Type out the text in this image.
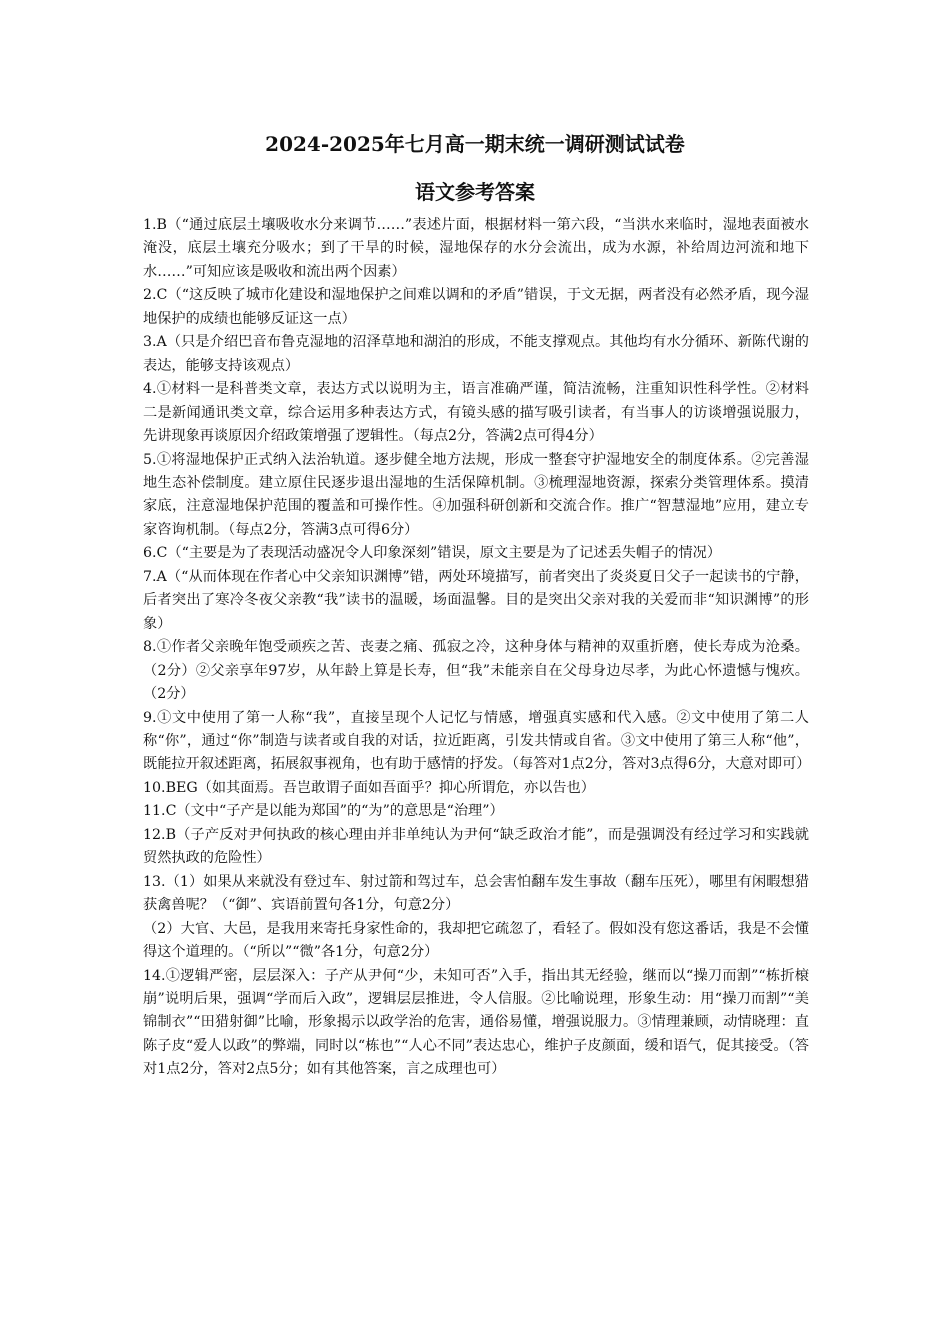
2024-2025年七月高一期末统一调研测试试卷
语文参考答案

1.B（“通过底层土壤吸收水分来调节……”表述片面，根据材料一第六段，“当洪水来临时，湿地表面被水淹没，底层土壤充分吸水；到了干旱的时候，湿地保存的水分会流出，成为水源，补给周边河流和地下水……”可知应该是吸收和流出两个因素）

2.C（“这反映了城市化建设和湿地保护之间难以调和的矛盾”错误，于文无据，两者没有必然矛盾，现今湿地保护的成绩也能够反证这一点）

3.A（只是介绍巴音布鲁克湿地的沼泽草地和湖泊的形成，不能支撑观点。其他均有水分循环、新陈代谢的表达，能够支持该观点）

4.①材料一是科普类文章，表达方式以说明为主，语言准确严谨，简洁流畅，注重知识性科学性。②材料二是新闻通讯类文章，综合运用多种表达方式，有镜头感的描写吸引读者，有当事人的访谈增强说服力，先讲现象再谈原因介绍政策增强了逻辑性。（每点2分，答满2点可得4分）

5.①将湿地保护正式纳入法治轨道。逐步健全地方法规，形成一整套守护湿地安全的制度体系。②完善湿地生态补偿制度。建立原住民逐步退出湿地的生活保障机制。③梳理湿地资源，探索分类管理体系。摸清家底，注意湿地保护范围的覆盖和可操作性。④加强科研创新和交流合作。推广“智慧湿地”应用，建立专家咨询机制。（每点2分，答满3点可得6分）

6.C（“主要是为了表现活动盛况令人印象深刻”错误，原文主要是为了记述丢失帽子的情况）

7.A（“从而体现在作者心中父亲知识渊博”错，两处环境描写，前者突出了炎炎夏日父子一起读书的宁静，后者突出了寒冷冬夜父亲教“我”读书的温暖，场面温馨。目的是突出父亲对我的关爱而非“知识渊博”的形象）

8.①作者父亲晚年饱受顽疾之苦、丧妻之痛、孤寂之冷，这种身体与精神的双重折磨，使长寿成为沧桑。（2分）②父亲享年97岁，从年龄上算是长寿，但“我”未能亲自在父母身边尽孝，为此心怀遗憾与愧疚。（2分）

9.①文中使用了第一人称“我”，直接呈现个人记忆与情感，增强真实感和代入感。②文中使用了第二人称“你”，通过“你”制造与读者或自我的对话，拉近距离，引发共情或自省。③文中使用了第三人称“他”，既能拉开叙述距离，拓展叙事视角，也有助于感情的抒发。（每答对1点2分，答对3点得6分，大意对即可）

10.BEG（如其面焉。吾岂敢谓子面如吾面乎？抑心所谓危，亦以告也）

11.C（文中“子产是以能为郑国”的“为”的意思是“治理”）

12.B（子产反对尹何执政的核心理由并非单纯认为尹何“缺乏政治才能”，而是强调没有经过学习和实践就贸然执政的危险性）

13.（1）如果从来就没有登过车、射过箭和驾过车，总会害怕翻车发生事故（翻车压死），哪里有闲暇想猎获禽兽呢？（“御”、宾语前置句各1分，句意2分）

（2）大官、大邑，是我用来寄托身家性命的，我却把它疏忽了，看轻了。假如没有您这番话，我是不会懂得这个道理的。（“所以”“微”各1分，句意2分）

14.①逻辑严密，层层深入：子产从尹何“少，未知可否”入手，指出其无经验，继而以“操刀而割”“栋折榱崩”说明后果，强调“学而后入政”，逻辑层层推进，令人信服。②比喻说理，形象生动：用“操刀而割”“美锦制衣”“田猎射御”比喻，形象揭示以政学治的危害，通俗易懂，增强说服力。③情理兼顾，动情晓理：直陈子皮“爱人以政”的弊端，同时以“栋也”“人心不同”表达忠心，维护子皮颜面，缓和语气，促其接受。（答对1点2分，答对2点5分；如有其他答案，言之成理也可）
